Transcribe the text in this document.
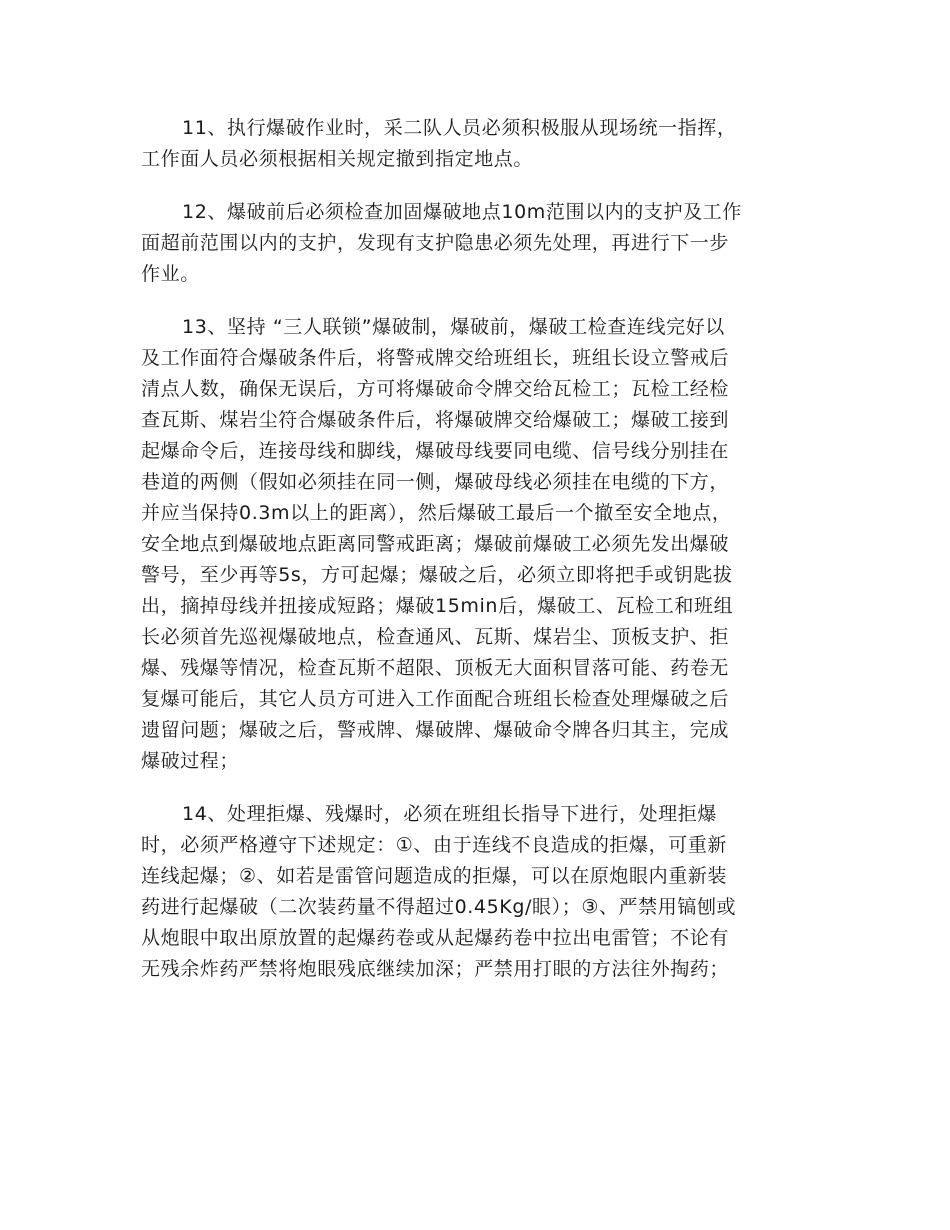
11、执行爆破作业时，采二队人员必须积极服从现场统一指挥，
工作面人员必须根据相关规定撤到指定地点。

12、爆破前后必须检查加固爆破地点10m范围以内的支护及工作
面超前范围以内的支护，发现有支护隐患必须先处理，再进行下一步
作业。

13、坚持 “三人联锁”爆破制，爆破前，爆破工检查连线完好以
及工作面符合爆破条件后，将警戒牌交给班组长，班组长设立警戒后
清点人数，确保无误后，方可将爆破命令牌交给瓦检工；瓦检工经检
查瓦斯、煤岩尘符合爆破条件后，将爆破牌交给爆破工；爆破工接到
起爆命令后，连接母线和脚线，爆破母线要同电缆、信号线分别挂在
巷道的两侧（假如必须挂在同一侧，爆破母线必须挂在电缆的下方，
并应当保持0.3m以上的距离），然后爆破工最后一个撤至安全地点，
安全地点到爆破地点距离同警戒距离；爆破前爆破工必须先发出爆破
警号，至少再等5s，方可起爆；爆破之后，必须立即将把手或钥匙拔
出，摘掉母线并扭接成短路；爆破15min后，爆破工、瓦检工和班组
长必须首先巡视爆破地点，检查通风、瓦斯、煤岩尘、顶板支护、拒
爆、残爆等情况，检查瓦斯不超限、顶板无大面积冒落可能、药卷无
复爆可能后，其它人员方可进入工作面配合班组长检查处理爆破之后
遗留问题；爆破之后，警戒牌、爆破牌、爆破命令牌各归其主，完成
爆破过程；

14、处理拒爆、残爆时，必须在班组长指导下进行，处理拒爆
时，必须严格遵守下述规定：①、由于连线不良造成的拒爆，可重新
连线起爆；②、如若是雷管问题造成的拒爆，可以在原炮眼内重新装
药进行起爆破（二次装药量不得超过0.45Kg/眼）；③、严禁用镐刨或
从炮眼中取出原放置的起爆药卷或从起爆药卷中拉出电雷管；不论有
无残余炸药严禁将炮眼残底继续加深；严禁用打眼的方法往外掏药；
